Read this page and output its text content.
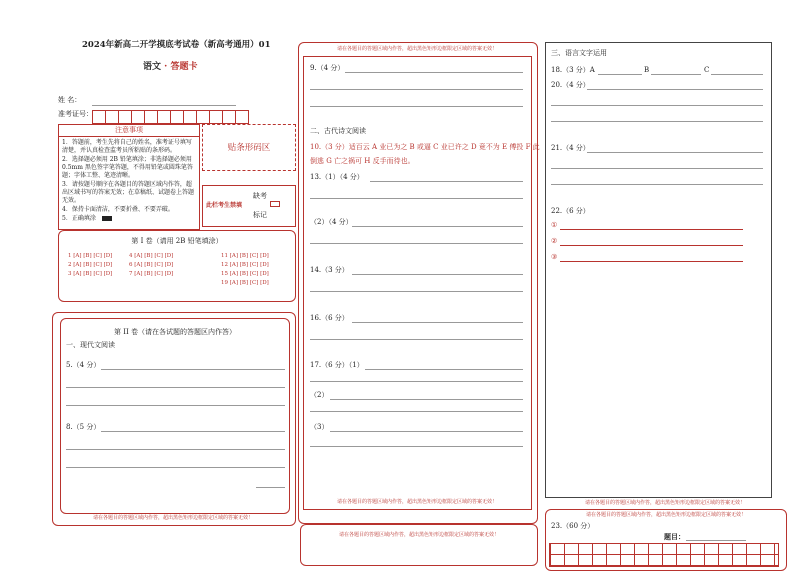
2024年新高二开学摸底考试卷（新高考通用）01
语文 · 答题卡
姓 名：
准考证号：
注意事项
1．答题前，考生先将自己的姓名，准考证号填写清楚，并认真检查监考员所粘贴的条形码。
2．选择题必须用 2B 铅笔填涂；非选择题必须用 0.5mm 黑色签字笔答题，不得用铅笔或圆珠笔答题；字体工整、笔迹清晰。
3．请按题号顺序在各题目的答题区域内作答，超出区域书写的答案无效；在草稿纸、试题卷上答题无效。
4．保持卡面清洁，不要折叠、不要弄破。
5．正确填涂
贴条形码区
此栏考生禁填
缺考
标记
第 I 卷（请用 2B 铅笔填涂）
1 [A] [B] [C] [D]
2 [A] [B] [C] [D]
3 [A] [B] [C] [D]
4 [A] [B] [C] [D]
6 [A] [B] [C] [D]
7 [A] [B] [C] [D]
11 [A] [B] [C] [D]
12 [A] [B] [C] [D]
15 [A] [B] [C] [D]
19 [A] [B] [C] [D]
第 II 卷（请在各试题的答题区内作答）
一、现代文阅读
5.（4 分）
8.（5 分）
请在各题目的答题区域内作答，超出黑色矩形边框限定区域的答案无效！
请在各题目的答题区域内作答，超出黑色矩形边框限定区域的答案无效！
9.（4 分）
二、古代诗文阅读
10.（3 分）适百云 A 业已为之 B 或逼 C 业已许之 D 竟不为 E 傅投 F 此
倒逃 G 亡之祸可 H 反手而待也。
13.（1）（4 分）
（2）（4 分）
14.（3 分）
16.（6 分）
17.（6 分）（1）
（2）
（3）
请在各题目的答题区域内作答，超出黑色矩形边框限定区域的答案无效！
请在各题目的答题区域内作答，超出黑色矩形边框限定区域的答案无效！
三、语言文字运用
18.（3 分）A	B	C
20.（4 分）
21.（4 分）
22.（6 分）
①
②
③
请在各题目的答题区域内作答，超出黑色矩形边框限定区域的答案无效！
请在各题目的答题区域内作答，超出黑色矩形边框限定区域的答案无效！
23.（60 分）
题目：
